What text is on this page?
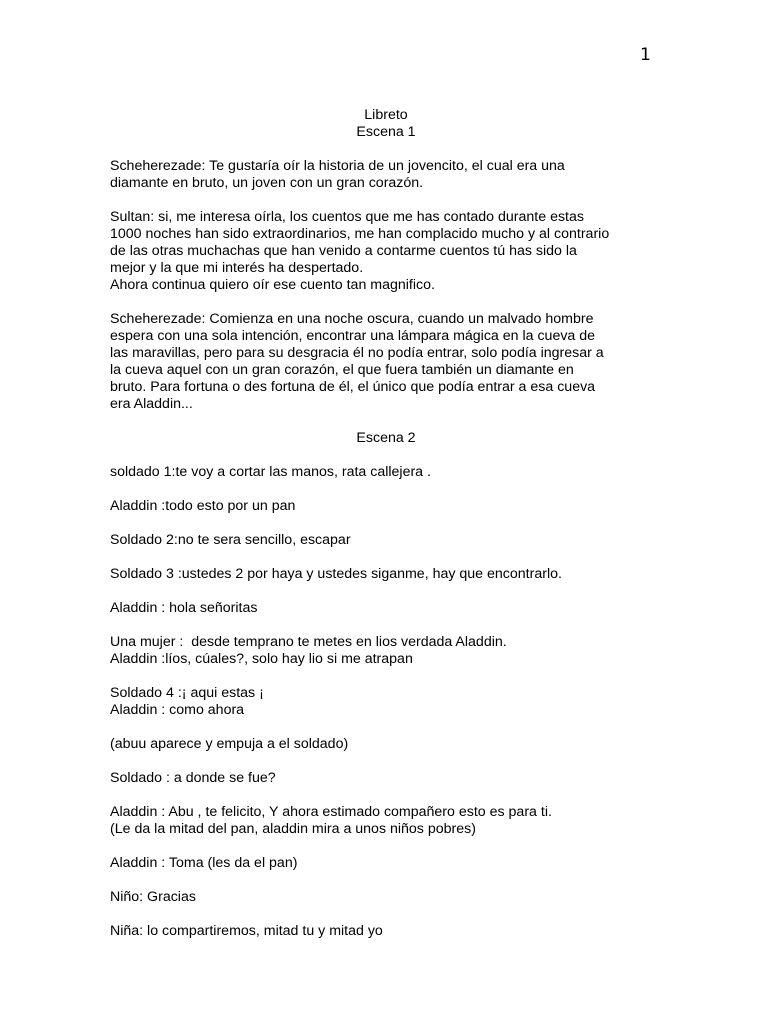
1
Libreto
Escena 1
Scheherezade: Te gustaría oír la historia de un jovencito, el cual era una
diamante en bruto, un joven con un gran corazón.
Sultan: si, me interesa oírla, los cuentos que me has contado durante estas
1000 noches han sido extraordinarios, me han complacido mucho y al contrario
de las otras muchachas que han venido a contarme cuentos tú has sido la
mejor y la que mi interés ha despertado.
Ahora continua quiero oír ese cuento tan magnifico.
Scheherezade: Comienza en una noche oscura, cuando un malvado hombre
espera con una sola intención, encontrar una lámpara mágica en la cueva de
las maravillas, pero para su desgracia él no podía entrar, solo podía ingresar a
la cueva aquel con un gran corazón, el que fuera también un diamante en
bruto. Para fortuna o des fortuna de él, el único que podía entrar a esa cueva
era Aladdin...
Escena 2
soldado 1:te voy a cortar las manos, rata callejera .
Aladdin :todo esto por un pan
Soldado 2:no te sera sencillo, escapar
Soldado 3 :ustedes 2 por haya y ustedes siganme, hay que encontrarlo.
Aladdin : hola señoritas
Una mujer :  desde temprano te metes en lios verdada Aladdin.
Aladdin :líos, cúales?, solo hay lio si me atrapan
Soldado 4 :¡ aqui estas ¡
Aladdin : como ahora
(abuu aparece y empuja a el soldado)
Soldado : a donde se fue?
Aladdin : Abu , te felicito, Y ahora estimado compañero esto es para ti.
(Le da la mitad del pan, aladdin mira a unos niños pobres)
Aladdin : Toma (les da el pan)
Niño: Gracias
Niña: lo compartiremos, mitad tu y mitad yo
